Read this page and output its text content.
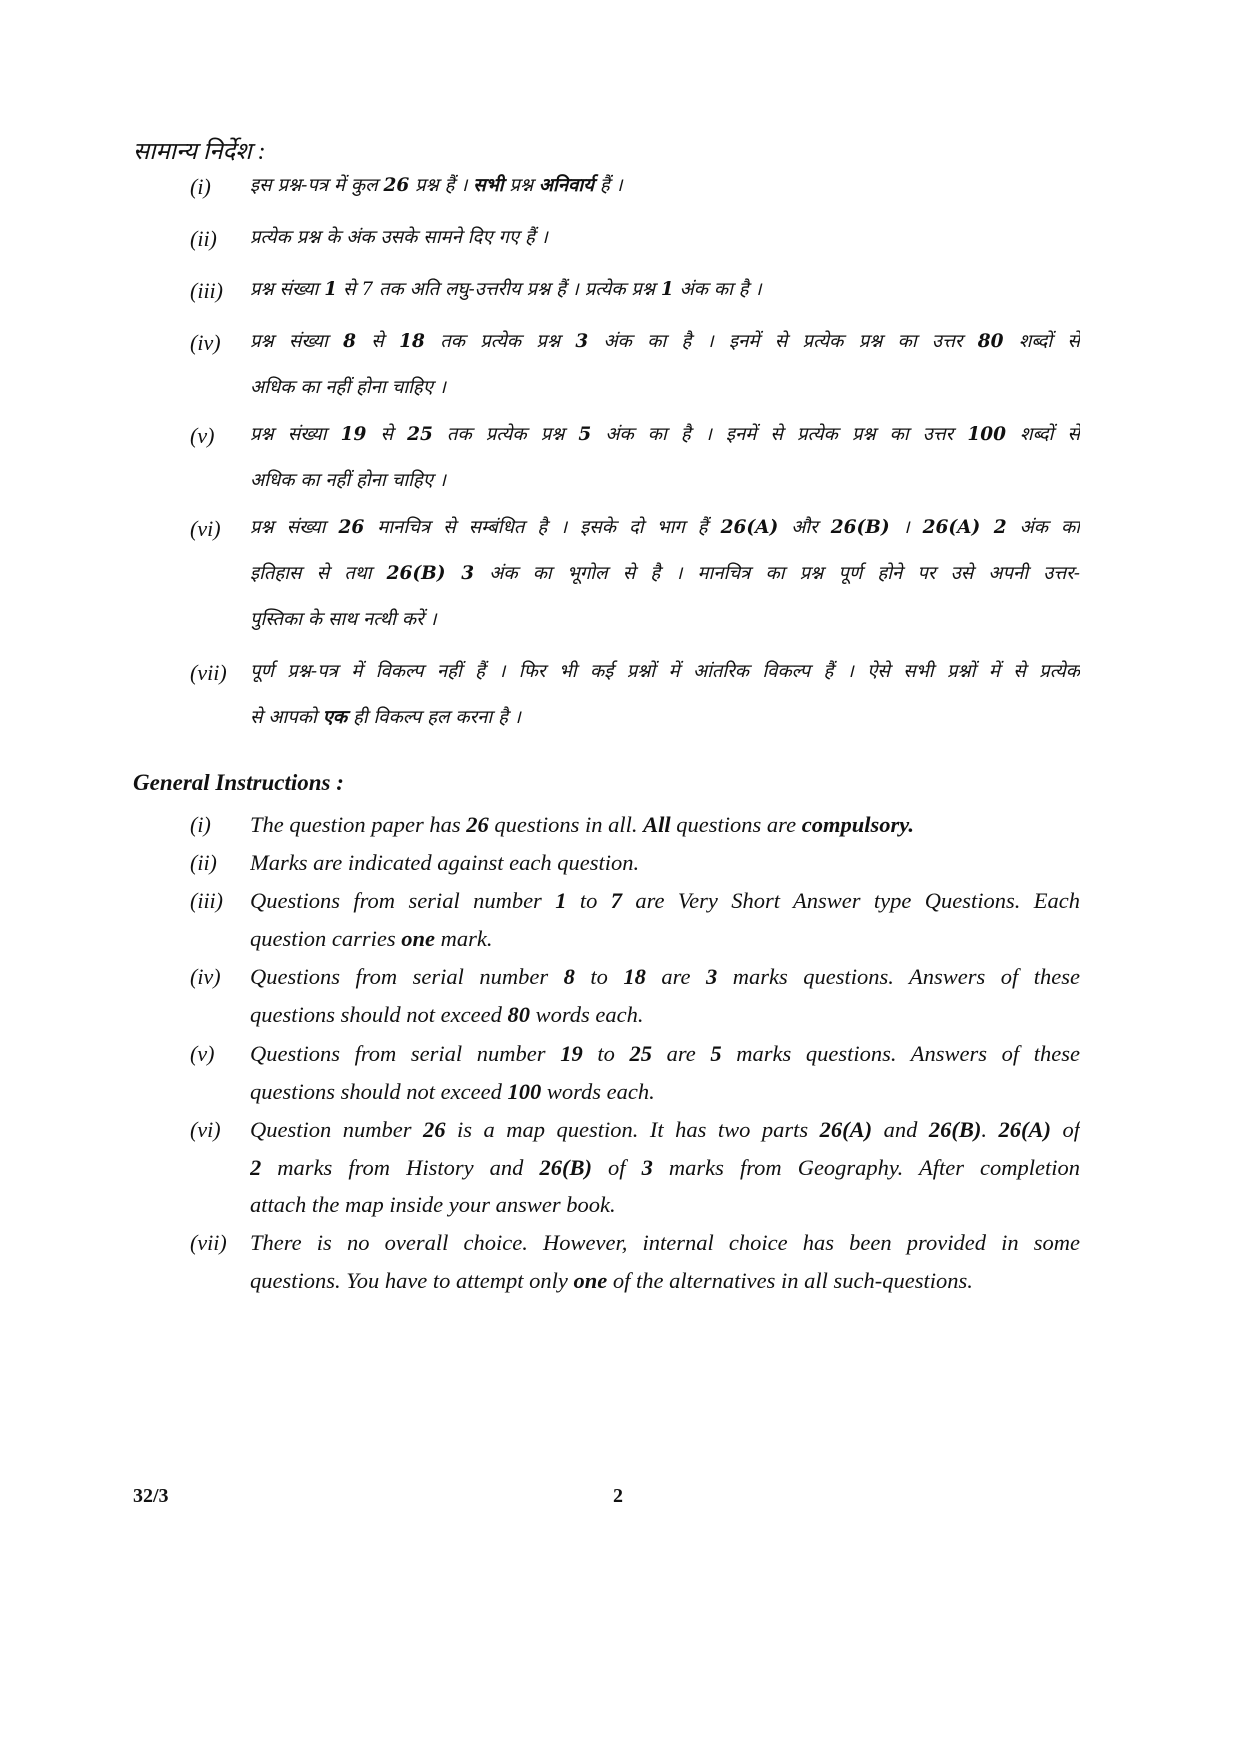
सामान्य निर्देश :
(i) इस प्रश्न-पत्र में कुल 26 प्रश्न हैं । सभी प्रश्न अनिवार्य हैं ।
(ii) प्रत्येक प्रश्न के अंक उसके सामने दिए गए हैं ।
(iii) प्रश्न संख्या 1 से 7 तक अति लघु-उत्तरीय प्रश्न हैं । प्रत्येक प्रश्न 1 अंक का है ।
(iv) प्रश्न संख्या 8 से 18 तक प्रत्येक प्रश्न 3 अंक का है । इनमें से प्रत्येक प्रश्न का उत्तर 80 शब्दों से
अधिक का नहीं होना चाहिए ।
(v) प्रश्न संख्या 19 से 25 तक प्रत्येक प्रश्न 5 अंक का है । इनमें से प्रत्येक प्रश्न का उत्तर 100 शब्दों से
अधिक का नहीं होना चाहिए ।
(vi) प्रश्न संख्या 26 मानचित्र से सम्बंधित है । इसके दो भाग हैं 26(A) और 26(B) । 26(A) 2 अंक का
इतिहास से तथा 26(B) 3 अंक का भूगोल से है । मानचित्र का प्रश्न पूर्ण होने पर उसे अपनी उत्तर-
पुस्तिका के साथ नत्थी करें ।
(vii) पूर्ण प्रश्न-पत्र में विकल्प नहीं हैं । फिर भी कई प्रश्नों में आंतरिक विकल्प हैं । ऐसे सभी प्रश्नों में से प्रत्येक
से आपको एक ही विकल्प हल करना है ।
General Instructions :
(i) The question paper has 26 questions in all. All questions are compulsory.
(ii) Marks are indicated against each question.
(iii) Questions from serial number 1 to 7 are Very Short Answer type Questions. Each
question carries one mark.
(iv) Questions from serial number 8 to 18 are 3 marks questions. Answers of these
questions should not exceed 80 words each.
(v) Questions from serial number 19 to 25 are 5 marks questions. Answers of these
questions should not exceed 100 words each.
(vi) Question number 26 is a map question. It has two parts 26(A) and 26(B). 26(A) of
2 marks from History and 26(B) of 3 marks from Geography. After completion
attach the map inside your answer book.
(vii) There is no overall choice. However, internal choice has been provided in some
questions. You have to attempt only one of the alternatives in all such-questions.
32/3	2
